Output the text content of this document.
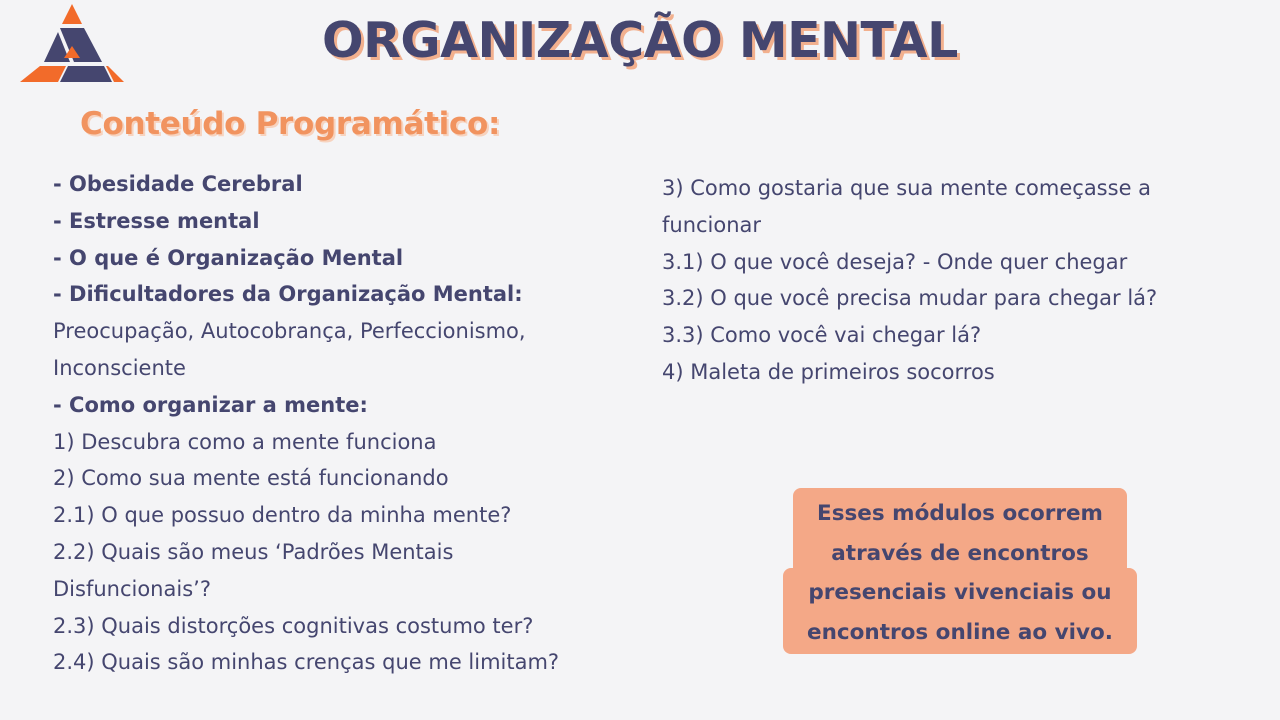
ORGANIZAÇÃO MENTAL
Conteúdo Programático:
- Obesidade Cerebral
- Estresse mental
- O que é Organização Mental
- Dificultadores da Organização Mental:
Preocupação, Autocobrança, Perfeccionismo,
Inconsciente
- Como organizar a mente:
1) Descubra como a mente funciona
2) Como sua mente está funcionando
2.1) O que possuo dentro da minha mente?
2.2) Quais são meus ‘Padrões Mentais
Disfuncionais’?
2.3) Quais distorções cognitivas costumo ter?
2.4) Quais são minhas crenças que me limitam?
3) Como gostaria que sua mente começasse a
funcionar
3.1) O que você deseja? - Onde quer chegar
3.2) O que você precisa mudar para chegar lá?
3.3) Como você vai chegar lá?
4) Maleta de primeiros socorros
Esses módulos ocorrem
através de encontros
presenciais vivenciais ou
encontros online ao vivo.
